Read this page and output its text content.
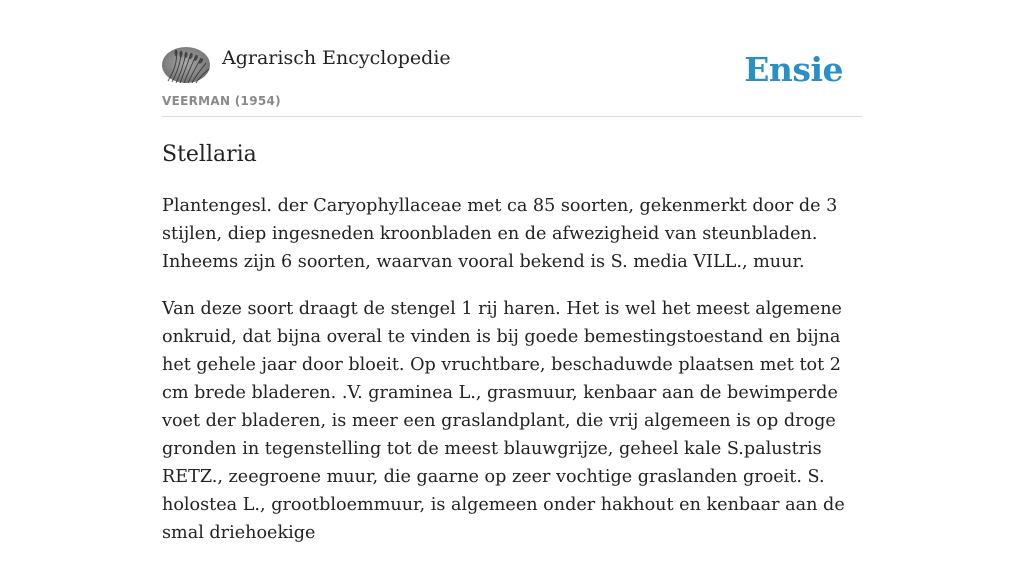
Agrarisch Encyclopedie
VEERMAN (1954)
Ensie
Stellaria

Plantengesl. der Caryophyllaceae met ca 85 soorten, gekenmerkt door de 3 stijlen, diep ingesneden kroonbladen en de afwezigheid van steunbladen. Inheems zijn 6 soorten, waarvan vooral bekend is S. media VILL., muur.

Van deze soort draagt de stengel 1 rij haren. Het is wel het meest algemene onkruid, dat bijna overal te vinden is bij goede bemestingstoestand en bijna het gehele jaar door bloeit. Op vruchtbare, beschaduwde plaatsen met tot 2 cm brede bladeren. .V. graminea L., grasmuur, kenbaar aan de bewimperde voet der bladeren, is meer een graslandplant, die vrij algemeen is op droge gronden in tegenstelling tot de meest blauwgrijze, geheel kale S.palustris RETZ., zeegroene muur, die gaarne op zeer vochtige graslanden groeit. S. holostea L., grootbloemmuur, is algemeen onder hakhout en kenbaar aan de smal driehoekige
